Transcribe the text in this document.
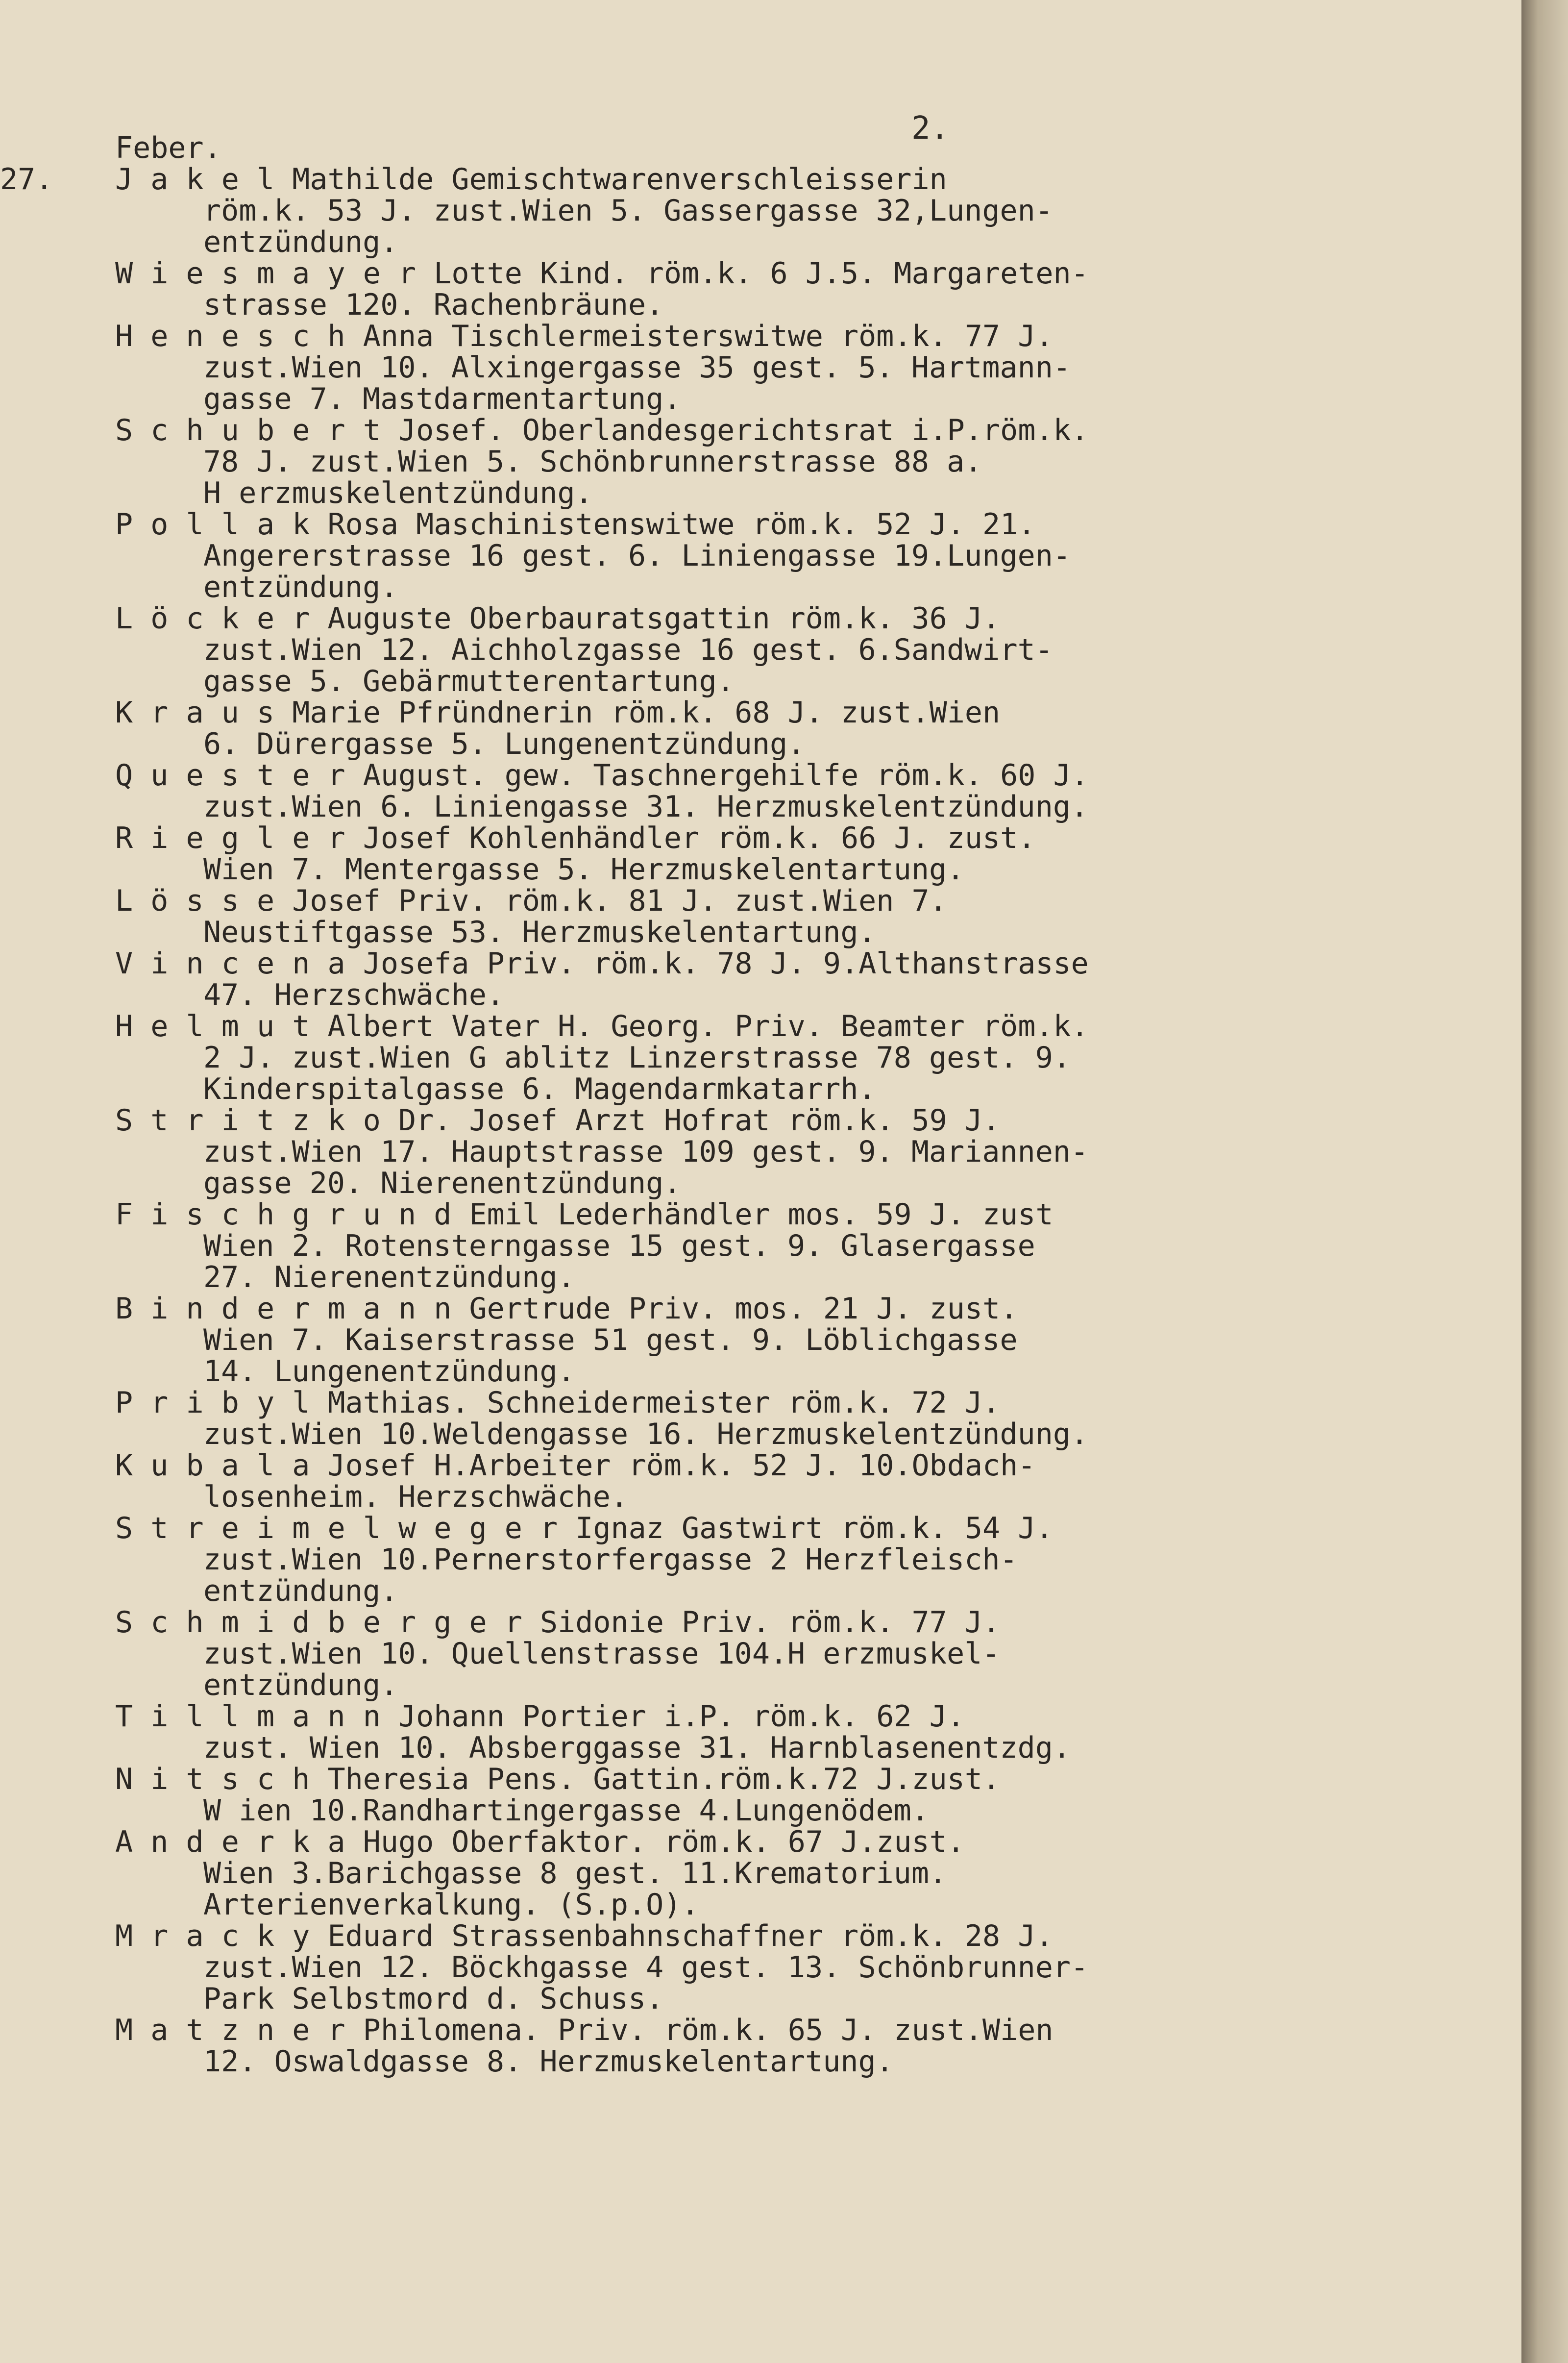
2.
Feber.
27.	J a k e l Mathilde Gemischtwarenverschleisserin
röm.k. 53 J. zust.Wien 5. Gassergasse 32,Lungen-
entzündung.
W i e s m a y e r Lotte Kind. röm.k. 6 J.5. Margareten-
strasse 120. Rachenbräune.
H e n e s c h Anna Tischlermeisterswitwe röm.k. 77 J.
zust.Wien 10. Alxingergasse 35 gest. 5. Hartmann-
gasse 7. Mastdarmentartung.
S c h u b e r t Josef. Oberlandesgerichtsrat i.P.röm.k.
78 J. zust.Wien 5. Schönbrunnerstrasse 88 a.
H erzmuskelentzündung.
P o l l a k Rosa Maschinistenswitwe röm.k. 52 J. 21.
Angererstrasse 16 gest. 6. Liniengasse 19.Lungen-
entzündung.
L ö c k e r Auguste Oberbauratsgattin röm.k. 36 J.
zust.Wien 12. Aichholzgasse 16 gest. 6.Sandwirt-
gasse 5. Gebärmutterentartung.
K r a u s Marie Pfründnerin röm.k. 68 J. zust.Wien
6. Dürergasse 5. Lungenentzündung.
Q u e s t e r August. gew. Taschnergehilfe röm.k. 60 J.
zust.Wien 6. Liniengasse 31. Herzmuskelentzündung.
R i e g l e r Josef Kohlenhändler röm.k. 66 J. zust.
Wien 7. Mentergasse 5. Herzmuskelentartung.
L ö s s e Josef Priv. röm.k. 81 J. zust.Wien 7.
Neustiftgasse 53. Herzmuskelentartung.
V i n c e n a Josefa Priv. röm.k. 78 J. 9.Althanstrasse
47. Herzschwäche.
H e l m u t Albert Vater H. Georg. Priv. Beamter röm.k.
2 J. zust.Wien G ablitz Linzerstrasse 78 gest. 9.
Kinderspitalgasse 6. Magendarmkatarrh.
S t r i t z k o Dr. Josef Arzt Hofrat röm.k. 59 J.
zust.Wien 17. Hauptstrasse 109 gest. 9. Mariannen-
gasse 20. Nierenentzündung.
F i s c h g r u n d Emil Lederhändler mos. 59 J. zust
Wien 2. Rotensterngasse 15 gest. 9. Glasergasse
27. Nierenentzündung.
B i n d e r m a n n Gertrude Priv. mos. 21 J. zust.
Wien 7. Kaiserstrasse 51 gest. 9. Löblichgasse
14. Lungenentzündung.
P r i b y l Mathias. Schneidermeister röm.k. 72 J.
zust.Wien 10.Weldengasse 16. Herzmuskelentzündung.
K u b a l a Josef H.Arbeiter röm.k. 52 J. 10.Obdach-
losenheim. Herzschwäche.
S t r e i m e l w e g e r Ignaz Gastwirt röm.k. 54 J.
zust.Wien 10.Pernerstorfergasse 2 Herzfleisch-
entzündung.
S c h m i d b e r g e r Sidonie Priv. röm.k. 77 J.
zust.Wien 10. Quellenstrasse 104.H erzmuskel-
entzündung.
T i l l m a n n Johann Portier i.P. röm.k. 62 J.
zust. Wien 10. Absberggasse 31. Harnblasenentzdg.
N i t s c h Theresia Pens. Gattin.röm.k.72 J.zust.
W ien 10.Randhartingergasse 4.Lungenödem.
A n d e r k a Hugo Oberfaktor. röm.k. 67 J.zust.
Wien 3.Barichgasse 8 gest. 11.Krematorium.
Arterienverkalkung. (S.p.O).
M r a c k y Eduard Strassenbahnschaffner röm.k. 28 J.
zust.Wien 12. Böckhgasse 4 gest. 13. Schönbrunner-
Park Selbstmord d. Schuss.
M a t z n e r Philomena. Priv. röm.k. 65 J. zust.Wien
12. Oswaldgasse 8. Herzmuskelentartung.
